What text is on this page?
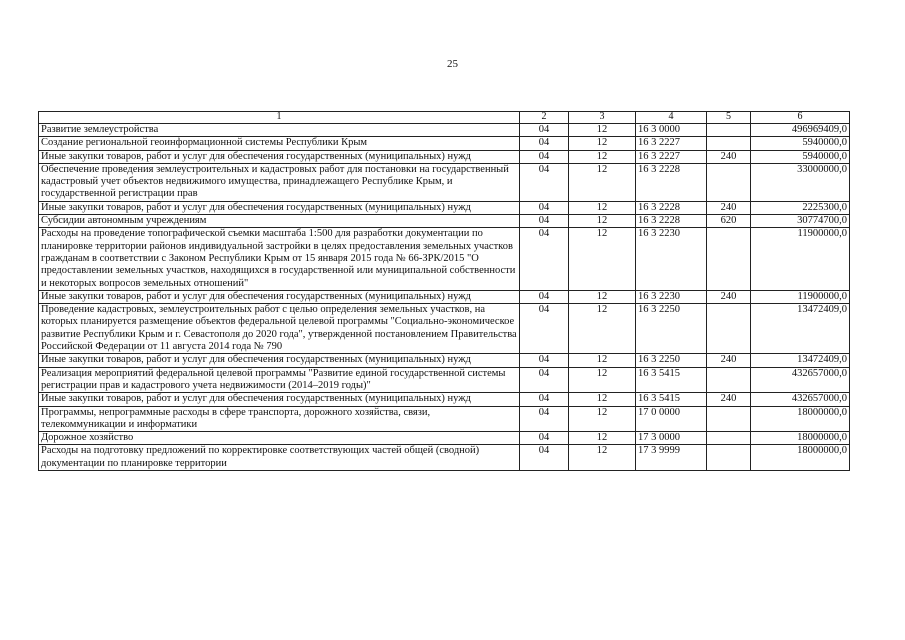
25
1	2	3	4	5	6
Развитие землеустройства	04	12	16 3 0000		496969409,0
Создание региональной геоинформационной системы Республики Крым	04	12	16 3 2227		5940000,0
Иные закупки товаров, работ и услуг для обеспечения государственных (муниципальных) нужд	04	12	16 3 2227	240	5940000,0
Обеспечение проведения землеустроительных и кадастровых работ для постановки на государственный кадастровый учет объектов недвижимого имущества, принадлежащего Республике Крым, и государственной регистрации прав	04	12	16 3 2228		33000000,0
Иные закупки товаров, работ и услуг для обеспечения государственных (муниципальных) нужд	04	12	16 3 2228	240	2225300,0
Субсидии автономным учреждениям	04	12	16 3 2228	620	30774700,0
Расходы на проведение топографической съемки масштаба 1:500 для разработки документации по планировке территории районов индивидуальной застройки в целях предоставления земельных участков гражданам в соответствии с Законом Республики Крым от 15 января 2015 года № 66-ЗРК/2015 "О предоставлении земельных участков, находящихся в государственной или муниципальной собственности и некоторых вопросов земельных отношений"	04	12	16 3 2230		11900000,0
Иные закупки товаров, работ и услуг для обеспечения государственных (муниципальных) нужд	04	12	16 3 2230	240	11900000,0
Проведение кадастровых, землеустроительных работ с целью определения земельных участков, на которых планируется размещение объектов федеральной целевой программы "Социально-экономическое развитие Республики Крым и г. Севастополя до 2020 года", утвержденной постановлением Правительства Российской Федерации от 11 августа 2014 года № 790	04	12	16 3 2250		13472409,0
Иные закупки товаров, работ и услуг для обеспечения государственных (муниципальных) нужд	04	12	16 3 2250	240	13472409,0
Реализация мероприятий федеральной целевой программы "Развитие единой государственной системы регистрации прав и кадастрового учета недвижимости (2014–2019 годы)"	04	12	16 3 5415		432657000,0
Иные закупки товаров, работ и услуг для обеспечения государственных (муниципальных) нужд	04	12	16 3 5415	240	432657000,0
Программы, непрограммные расходы в сфере транспорта, дорожного хозяйства, связи, телекоммуникации и информатики	04	12	17 0 0000		18000000,0
Дорожное хозяйство	04	12	17 3 0000		18000000,0
Расходы на подготовку предложений по корректировке соответствующих частей общей (сводной) документации по планировке территории	04	12	17 3 9999		18000000,0
